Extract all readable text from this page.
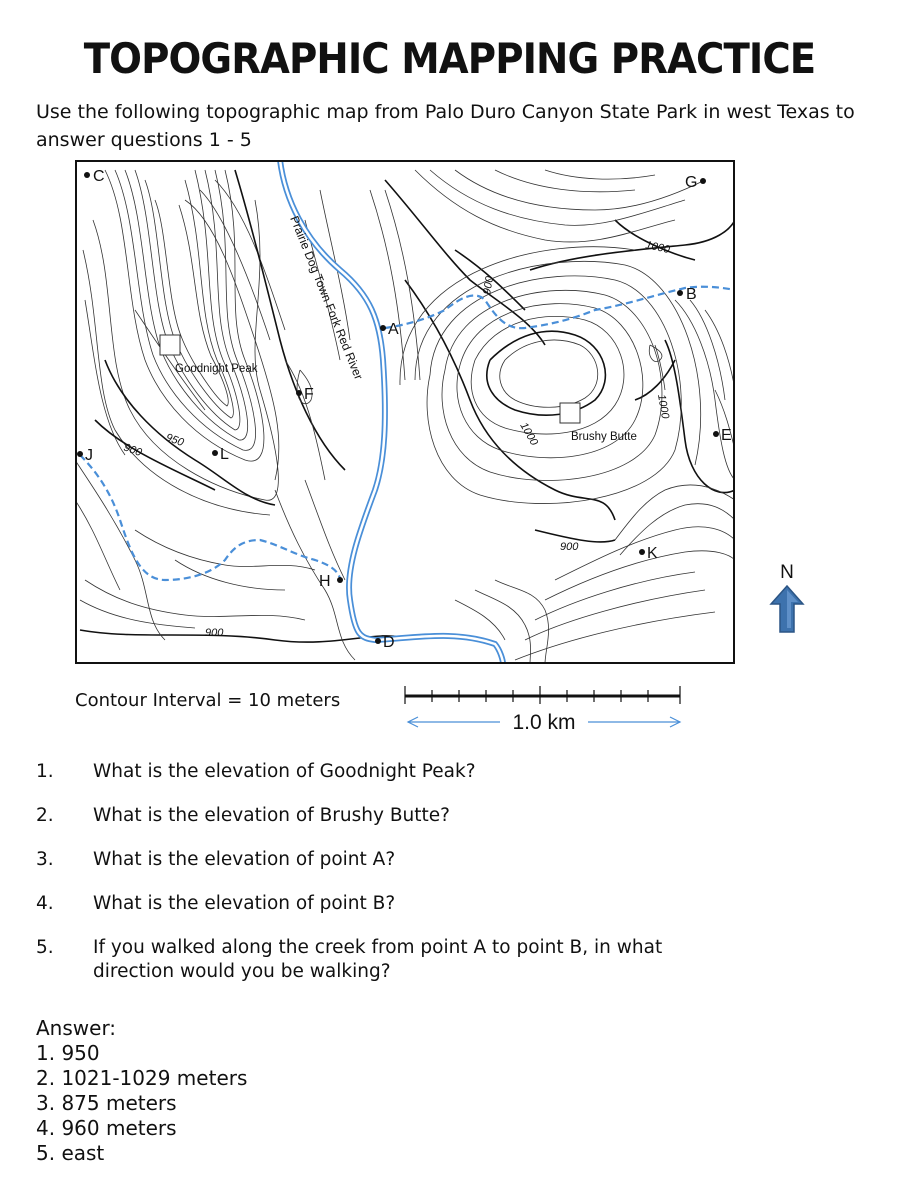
TOPOGRAPHIC MAPPING PRACTICE
Use the following topographic map from Palo Duro Canyon State Park in west Texas to answer questions 1 - 5
C	G
B
A
F
J	L
E
K
H
D
Goodnight Peak
Brushy Butte
Prairie Dog Town Fork Red River	1000
900
1000
950
900
1000
900
900
Contour Interval = 10 meters
1.0 km
N
1.	What is the elevation of Goodnight Peak?
2.	What is the elevation of Brushy Butte?
3.	What is the elevation of point A?
4.	What is the elevation of point B?
5.	If you walked along the creek from point A to point B, in what direction would you be walking?
Answer:
1. 950
2. 1021-1029 meters
3. 875 meters
4. 960 meters
5. east
